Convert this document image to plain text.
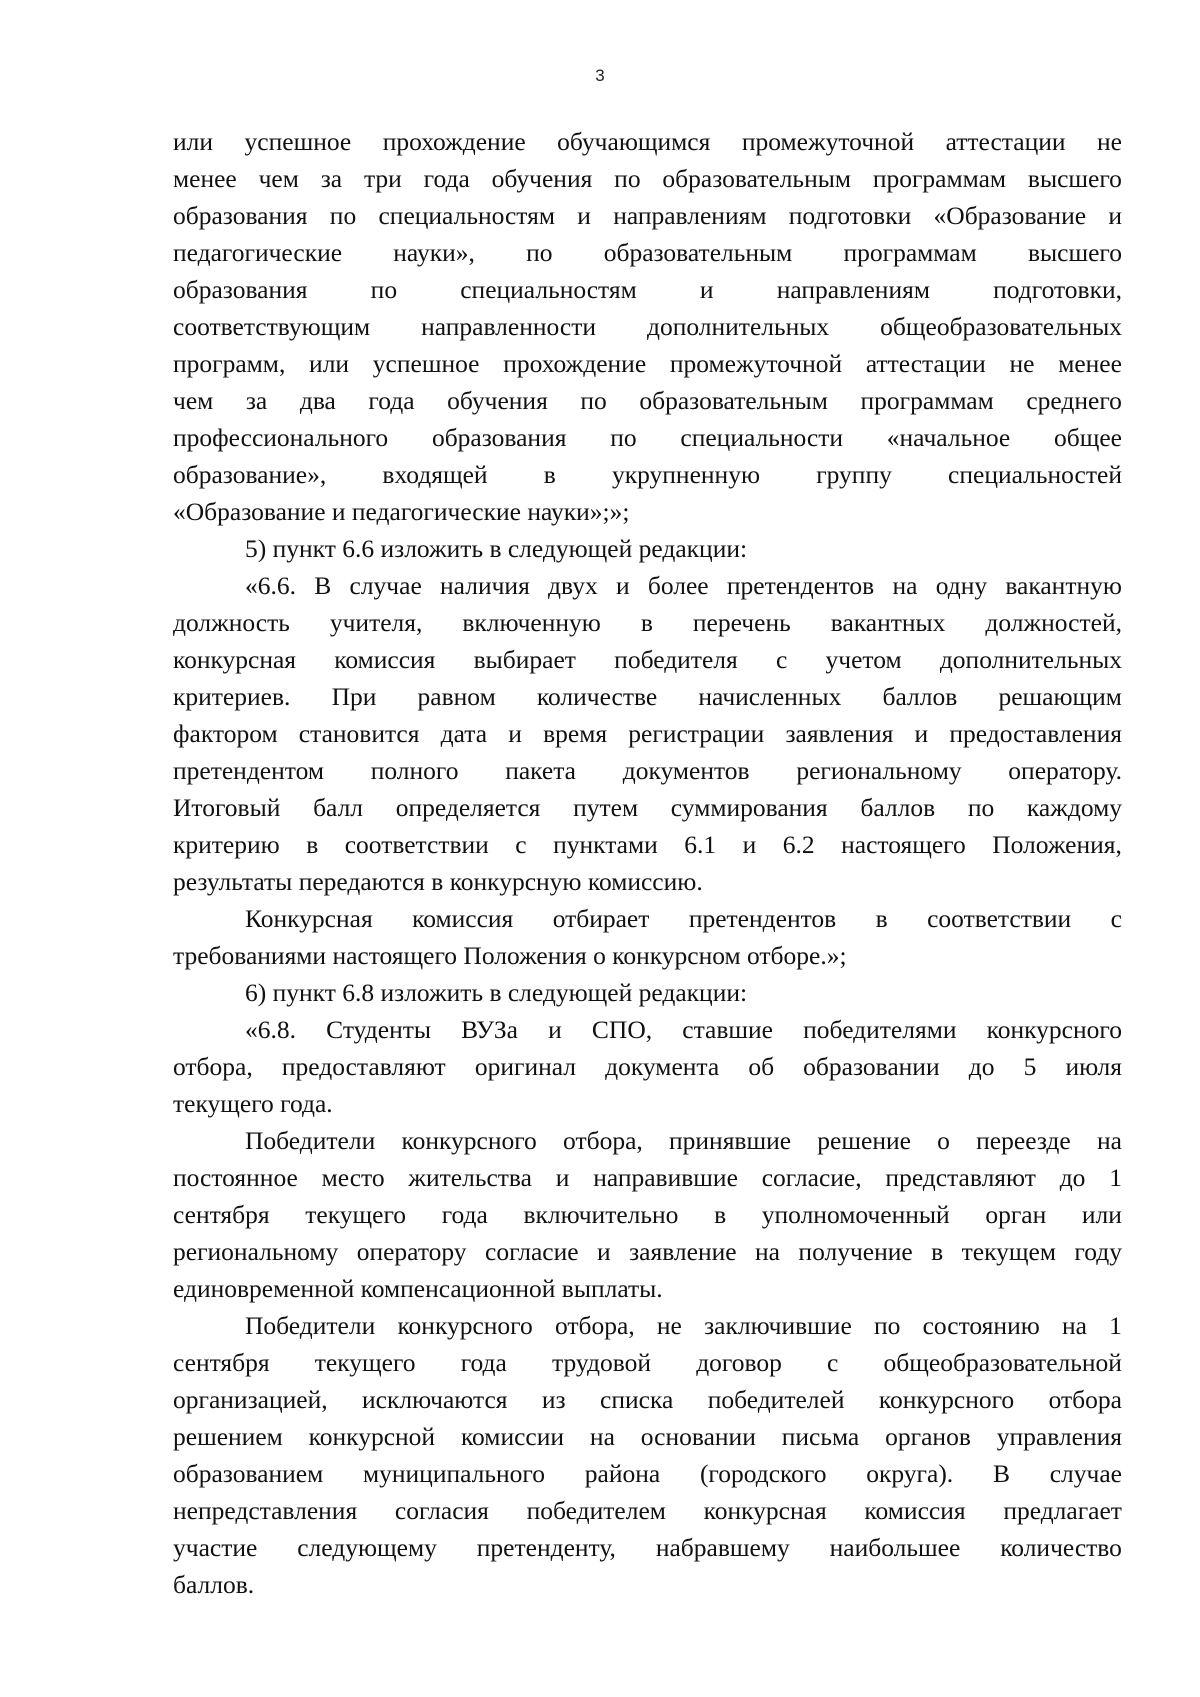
3
или успешное прохождение обучающимся промежуточной аттестации не
менее чем за три года обучения по образовательным программам высшего
образования по специальностям и направлениям подготовки «Образование и
педагогические науки», по образовательным программам высшего
образования по специальностям и направлениям подготовки,
соответствующим направленности дополнительных общеобразовательных
программ, или успешное прохождение промежуточной аттестации не менее
чем за два года обучения по образовательным программам среднего
профессионального образования по специальности «начальное общее
образование», входящей в укрупненную группу специальностей
«Образование и педагогические науки»;»;
5) пункт 6.6 изложить в следующей редакции:
«6.6. В случае наличия двух и более претендентов на одну вакантную
должность учителя, включенную в перечень вакантных должностей,
конкурсная комиссия выбирает победителя с учетом дополнительных
критериев. При равном количестве начисленных баллов решающим
фактором становится дата и время регистрации заявления и предоставления
претендентом полного пакета документов региональному оператору.
Итоговый балл определяется путем суммирования баллов по каждому
критерию в соответствии с пунктами 6.1 и 6.2 настоящего Положения,
результаты передаются в конкурсную комиссию.
Конкурсная комиссия отбирает претендентов в соответствии с
требованиями настоящего Положения о конкурсном отборе.»;
6) пункт 6.8 изложить в следующей редакции:
«6.8. Студенты ВУЗа и СПО, ставшие победителями конкурсного
отбора, предоставляют оригинал документа об образовании до 5 июля
текущего года.
Победители конкурсного отбора, принявшие решение о переезде на
постоянное место жительства и направившие согласие, представляют до 1
сентября текущего года включительно в уполномоченный орган или
региональному оператору согласие и заявление на получение в текущем году
единовременной компенсационной выплаты.
Победители конкурсного отбора, не заключившие по состоянию на 1
сентября текущего года трудовой договор с общеобразовательной
организацией, исключаются из списка победителей конкурсного отбора
решением конкурсной комиссии на основании письма органов управления
образованием муниципального района (городского округа). В случае
непредставления согласия победителем конкурсная комиссия предлагает
участие следующему претенденту, набравшему наибольшее количество
баллов.
